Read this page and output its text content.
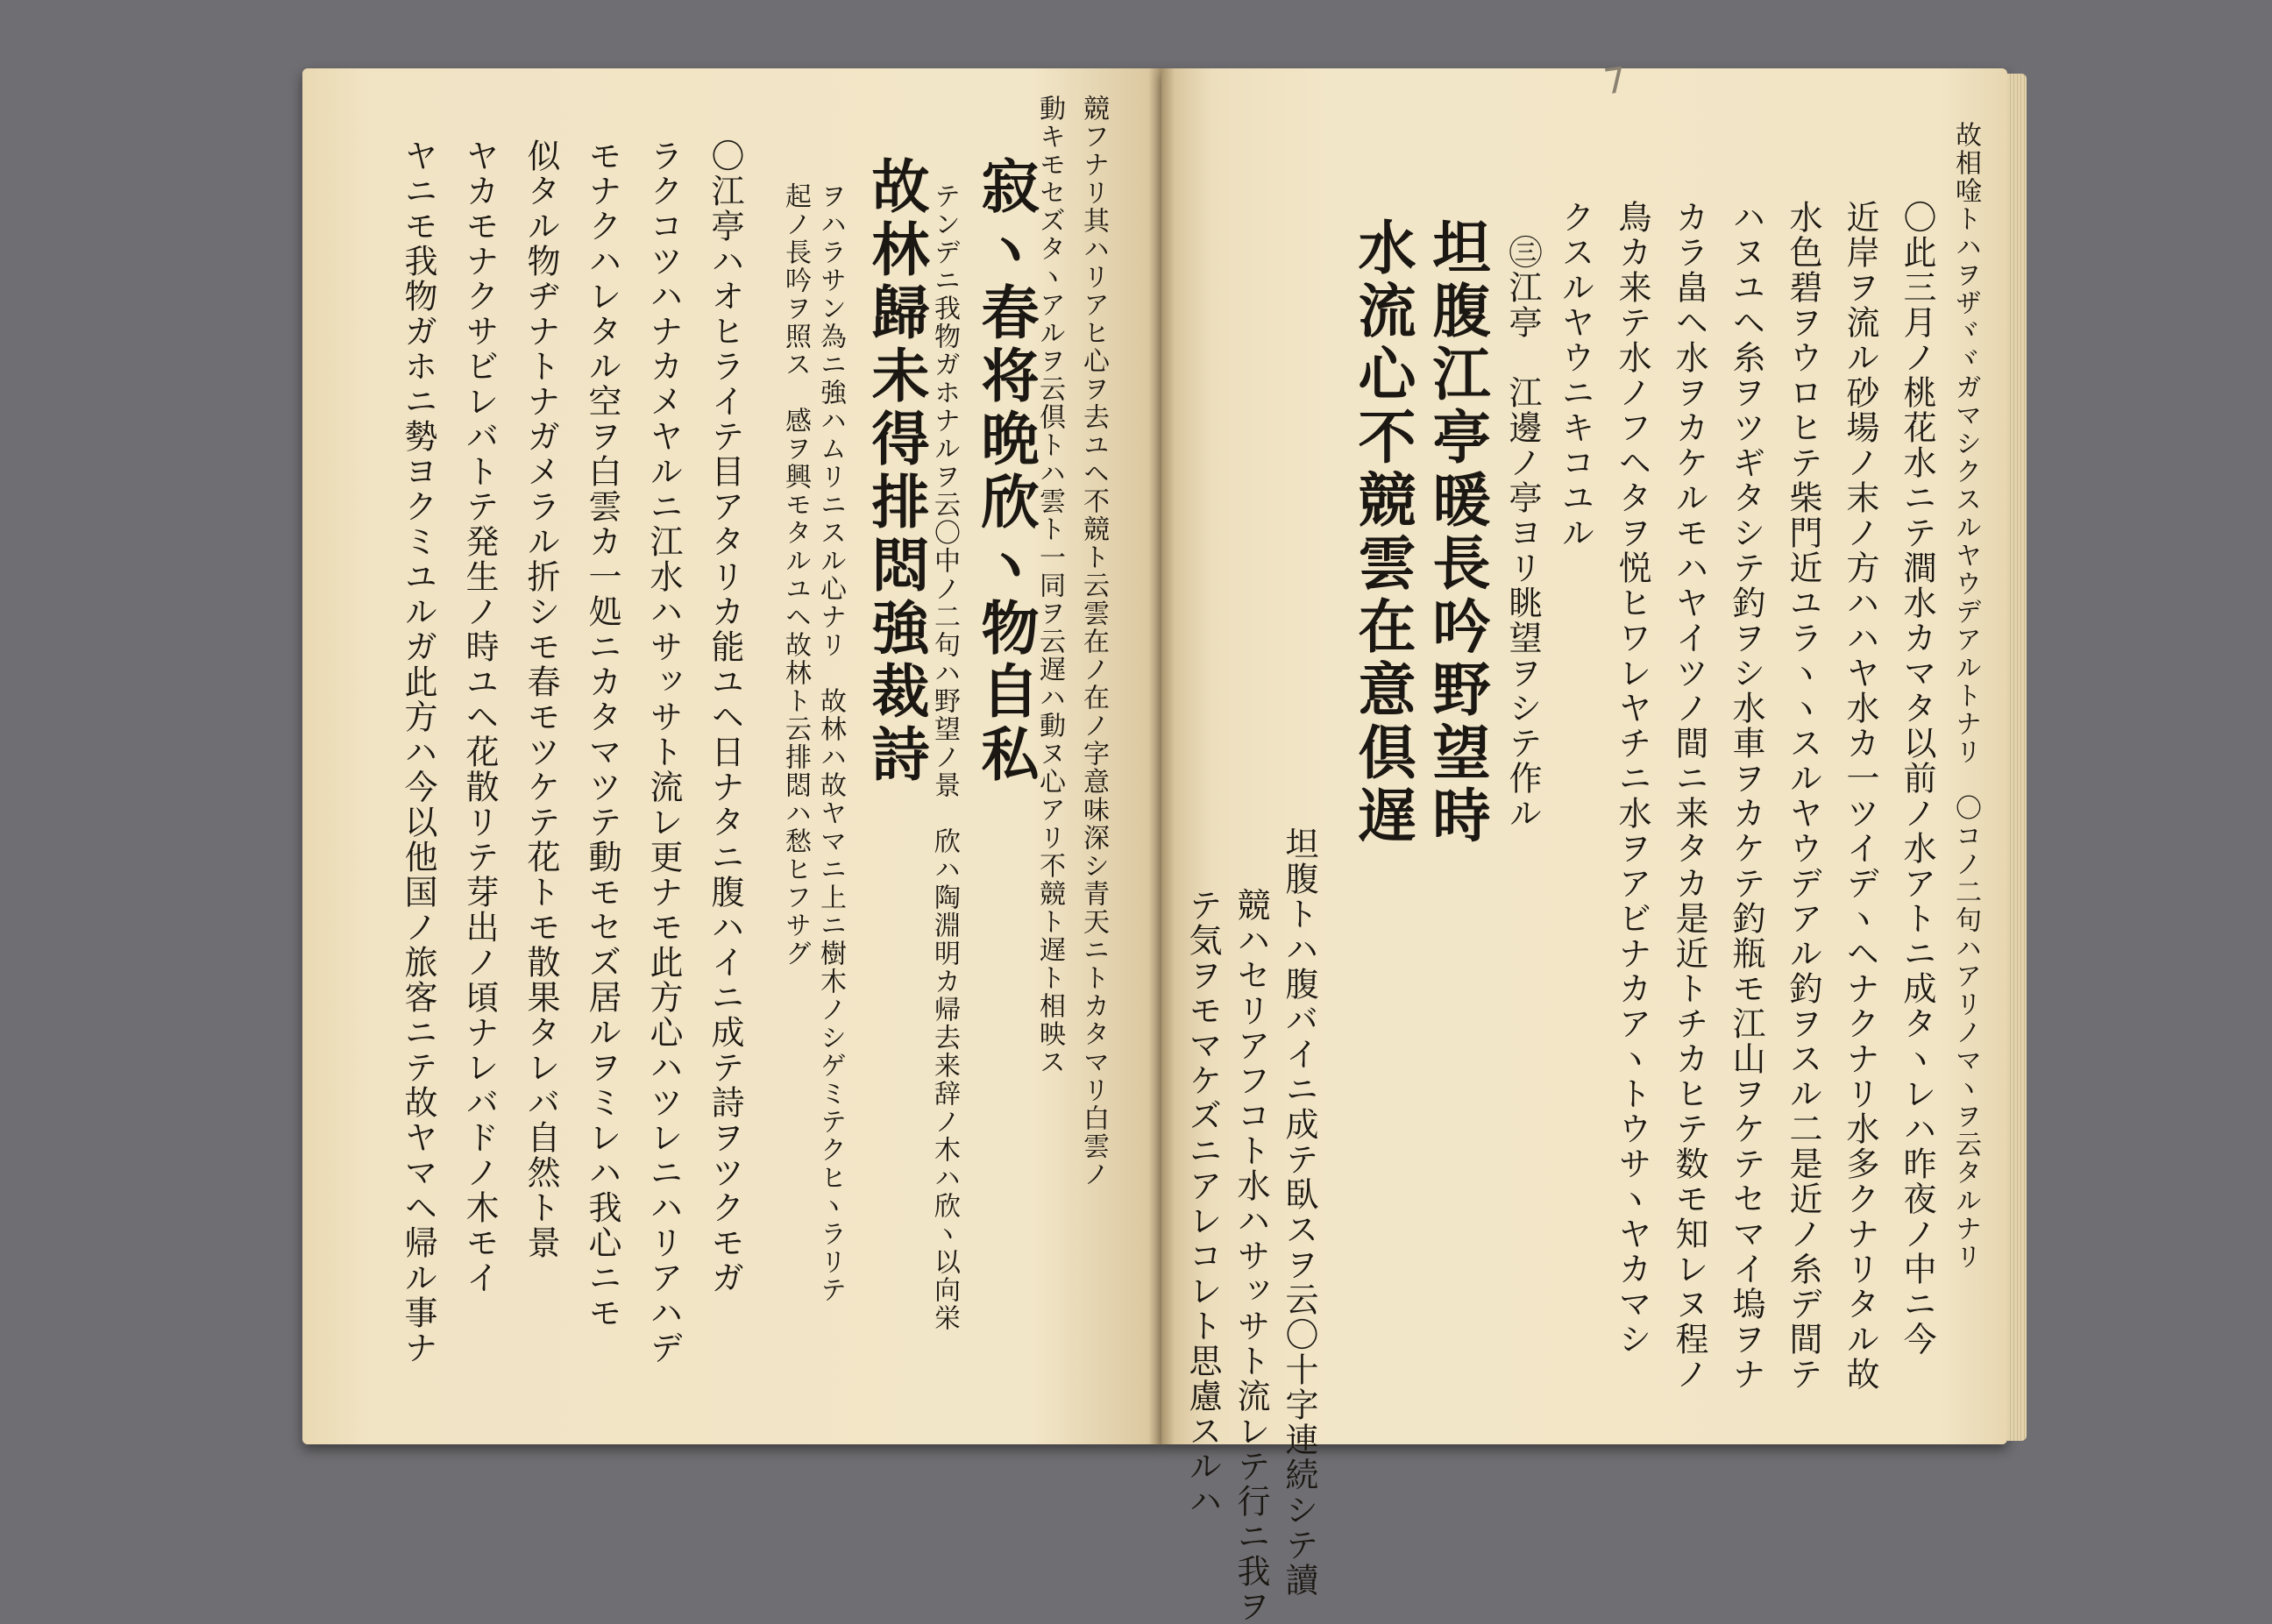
競フナリ其ハリアヒ心ヲ去ユヘ不競ト云雲在ノ在ノ字意味深シ青天ニトカタマリ白雲ノ
動キモセズタヽアルヲ云倶トハ雲ト一同ヲ云遅ハ動ヌ心アリ不競ト遅ト相映ス
寂ヽ春将晩欣ヽ物自私
テンデニ我物ガホナルヲ云〇中ノ二句ハ野望ノ景　欣ハ陶淵明カ帰去来辞ノ木ハ欣ヽ以向栄
故林歸未得排悶強裁詩
ヲハラサン為ニ強ハムリニスル心ナリ　故林ハ故ヤマニ上ニ樹木ノシゲミテクヒヽラリテ
起ノ長吟ヲ照ス　感ヲ興モタルユヘ故林ト云排悶ハ愁ヒフサグ
〇江亭ハオヒライテ目アタリカ能ユヘ日ナタニ腹ハイニ成テ詩ヲツクモガ
ラクコツハナカメヤルニ江水ハサッサト流レ更ナモ此方心ハツレニハリアハデ
モナクハレタル空ヲ白雲カ一処ニカタマツテ動モセズ居ルヲミレハ我心ニモ
似タル物ヂナトナガメラル折シモ春モツケテ花トモ散果タレバ自然ト景
ヤカモナクサビレバトテ発生ノ時ユヘ花散リテ芽出ノ頃ナレバドノ木モイ
ヤニモ我物ガホニ勢ヨクミユルガ此方ハ今以他国ノ旅客ニテ故ヤマヘ帰ル事ナ	故相唫トハヲザヾヾガマシクスルヤウデアルトナリ　〇コノ二句ハアリノマヽヲ云タルナリ
〇此三月ノ桃花水ニテ澗水カマタ以前ノ水アトニ成タヽレハ昨夜ノ中ニ今
近岸ヲ流ル砂場ノ末ノ方ハハヤ水カ一ツイデヽヘナクナリ水多クナリタル故
水色碧ヲウロヒテ柴門近ユラヽヽスルヤウデアル釣ヲスル二是近ノ糸デ間テ
ハヌユヘ糸ヲツギタシテ釣ヲシ水車ヲカケテ釣瓶モ江山ヲケテセマイ塢ヲナ
カラ畠ヘ水ヲカケルモハヤイツノ間ニ来タカ是近トチカヒテ数モ知レヌ程ノ
鳥カ来テ水ノフヘタヲ悦ヒワレヤチニ水ヲアビナカアヽトウサヽヤカマシ
クスルヤウニキコユル
㊂江亭　江邊ノ亭ヨリ眺望ヲシテ作ル
坦腹江亭暖長吟野望時
水流心不競雲在意倶遅
坦腹トハ腹バイニ成テ臥スヲ云〇十字連続シテ讀
競ハセリアフコト水ハサッサト流レテ行ニ我ヲ
テ気ヲモマケズニアレコレト思慮スルハ
7
